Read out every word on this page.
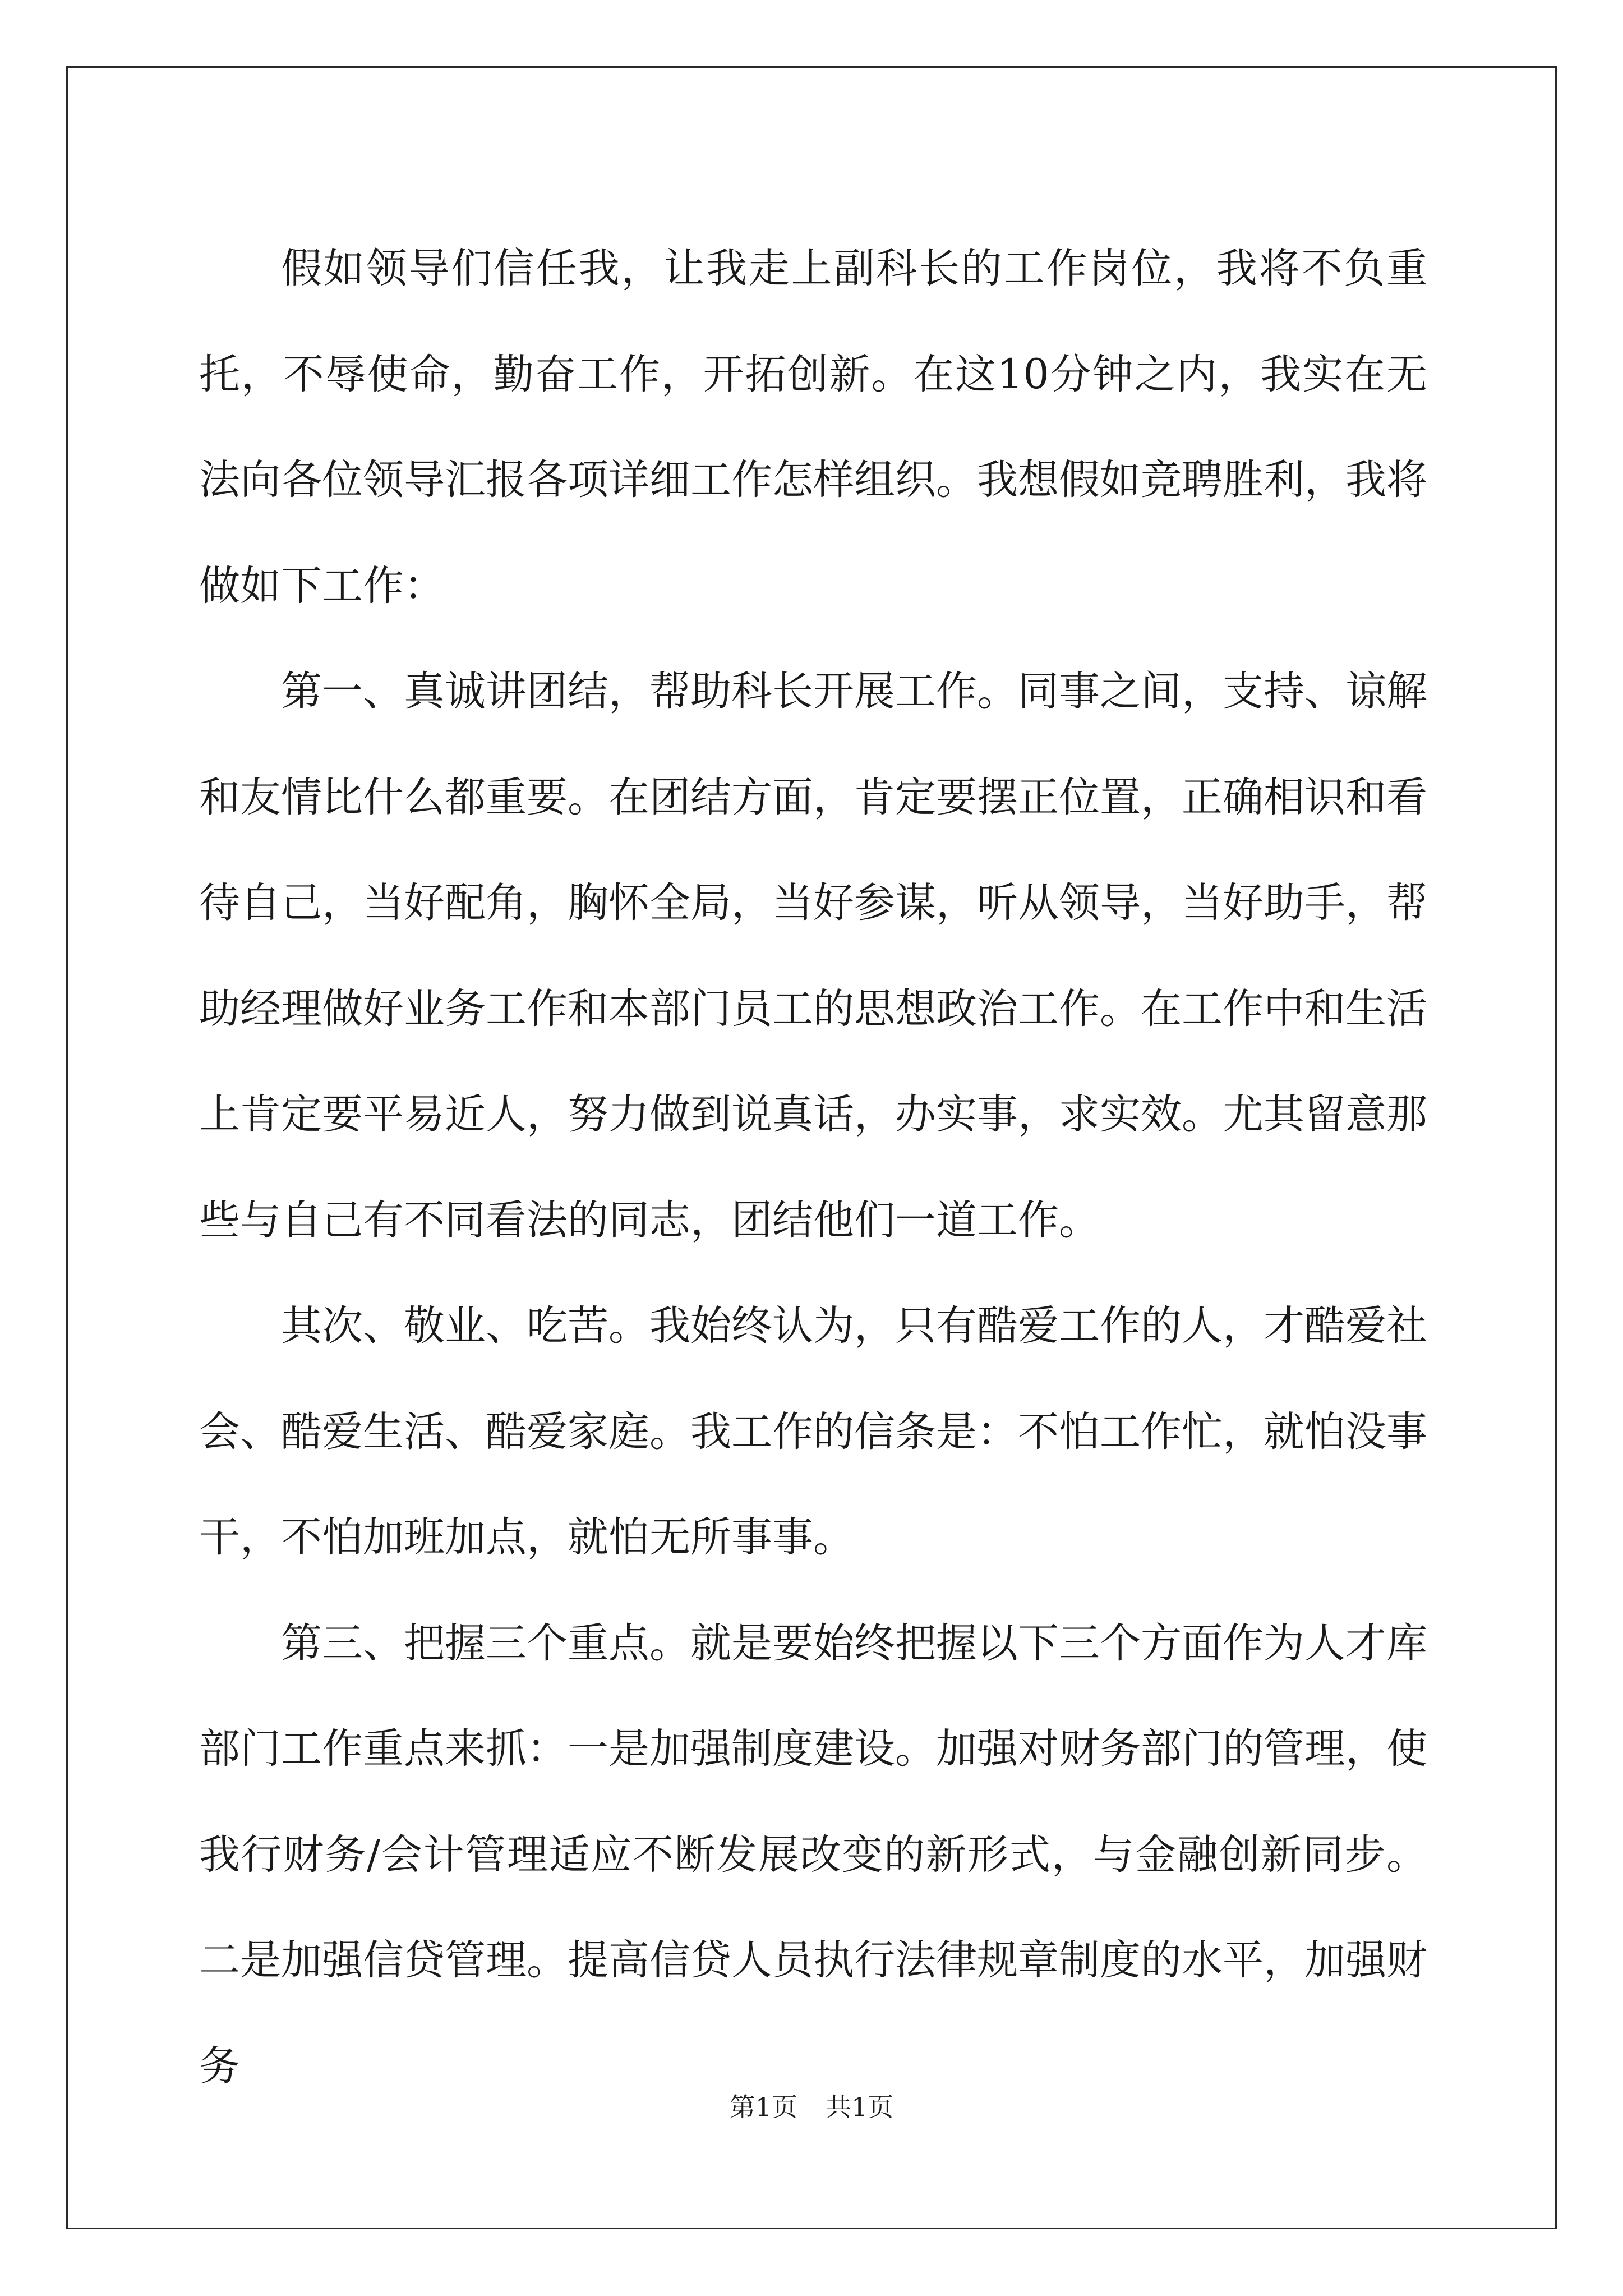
假如领导们信任我，让我走上副科长的工作岗位，我将不负重托，不辱使命，勤奋工作，开拓创新。在这10分钟之内，我实在无法向各位领导汇报各项详细工作怎样组织。我想假如竞聘胜利，我将做如下工作：

第一、真诚讲团结，帮助科长开展工作。同事之间，支持、谅解和友情比什么都重要。在团结方面，肯定要摆正位置，正确相识和看待自己，当好配角，胸怀全局，当好参谋，听从领导，当好助手，帮助经理做好业务工作和本部门员工的思想政治工作。在工作中和生活上肯定要平易近人，努力做到说真话，办实事，求实效。尤其留意那些与自己有不同看法的同志，团结他们一道工作。

其次、敬业、吃苦。我始终认为，只有酷爱工作的人，才酷爱社会、酷爱生活、酷爱家庭。我工作的信条是：不怕工作忙，就怕没事干，不怕加班加点，就怕无所事事。

第三、把握三个重点。就是要始终把握以下三个方面作为人才库部门工作重点来抓：一是加强制度建设。加强对财务部门的管理，使我行财务/会计管理适应不断发展改变的新形式，与金融创新同步。二是加强信贷管理。提高信贷人员执行法律规章制度的水平，加强财务

第1页 共1页
